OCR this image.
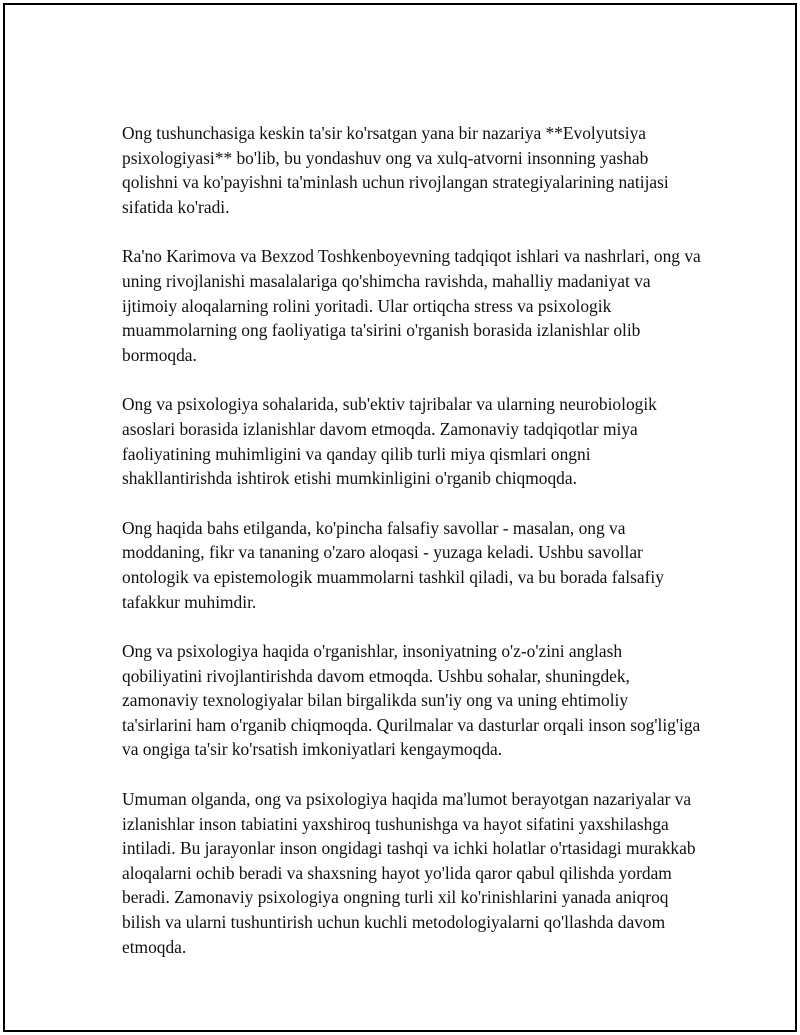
Ong tushunchasiga keskin ta'sir ko'rsatgan yana bir nazariya **Evolyutsiya psixologiyasi** bo'lib, bu yondashuv ong va xulq-atvorni insonning yashab qolishni va ko'payishni ta'minlash uchun rivojlangan strategiyalarining natijasi sifatida ko'radi.

Ra'no Karimova va Bexzod Toshkenboyevning tadqiqot ishlari va nashrlari, ong va uning rivojlanishi masalalariga qo'shimcha ravishda, mahalliy madaniyat va ijtimoiy aloqalarning rolini yoritadi. Ular ortiqcha stress va psixologik muammolarning ong faoliyatiga ta'sirini o'rganish borasida izlanishlar olib bormoqda.

Ong va psixologiya sohalarida, sub'ektiv tajribalar va ularning neurobiologik asoslari borasida izlanishlar davom etmoqda. Zamonaviy tadqiqotlar miya faoliyatining muhimligini va qanday qilib turli miya qismlari ongni shakllantirishda ishtirok etishi mumkinligini o'rganib chiqmoqda.

Ong haqida bahs etilganda, ko'pincha falsafiy savollar - masalan, ong va moddaning, fikr va tananing o'zaro aloqasi - yuzaga keladi. Ushbu savollar ontologik va epistemologik muammolarni tashkil qiladi, va bu borada falsafiy tafakkur muhimdir.

Ong va psixologiya haqida o'rganishlar, insoniyatning o'z-o'zini anglash qobiliyatini rivojlantirishda davom etmoqda. Ushbu sohalar, shuningdek, zamonaviy texnologiyalar bilan birgalikda sun'iy ong va uning ehtimoliy ta'sirlarini ham o'rganib chiqmoqda. Qurilmalar va dasturlar orqali inson sog'lig'iga va ongiga ta'sir ko'rsatish imkoniyatlari kengaymoqda.

Umuman olganda, ong va psixologiya haqida ma'lumot berayotgan nazariyalar va izlanishlar inson tabiatini yaxshiroq tushunishga va hayot sifatini yaxshilashga intiladi. Bu jarayonlar inson ongidagi tashqi va ichki holatlar o'rtasidagi murakkab aloqalarni ochib beradi va shaxsning hayot yo'lida qaror qabul qilishda yordam beradi. Zamonaviy psixologiya ongning turli xil ko'rinishlarini yanada aniqroq bilish va ularni tushuntirish uchun kuchli metodologiyalarni qo'llashda davom etmoqda.
